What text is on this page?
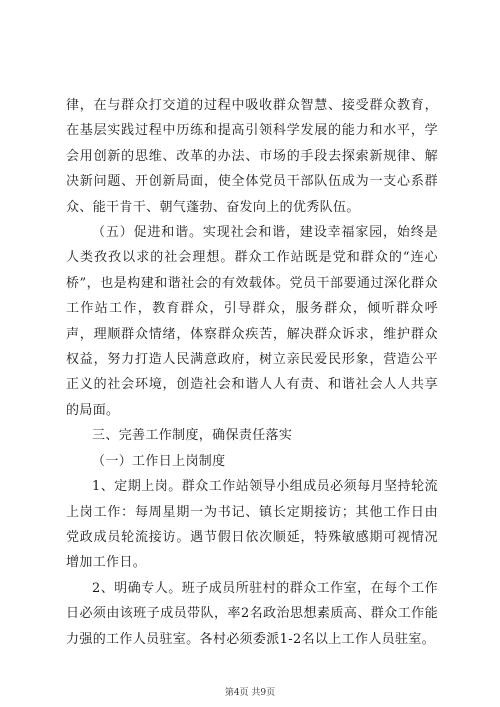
律，在与群众打交道的过程中吸收群众智慧、接受群众教育，在基层实践过程中历练和提高引领科学发展的能力和水平，学会用创新的思维、改革的办法、市场的手段去探索新规律、解决新问题、开创新局面，使全体党员干部队伍成为一支心系群众、能干肯干、朝气蓬勃、奋发向上的优秀队伍。

（五）促进和谐。实现社会和谐，建设幸福家园，始终是人类孜孜以求的社会理想。群众工作站既是党和群众的“连心桥”，也是构建和谐社会的有效载体。党员干部要通过深化群众工作站工作，教育群众，引导群众，服务群众，倾听群众呼声，理顺群众情绪，体察群众疾苦，解决群众诉求，维护群众权益，努力打造人民满意政府，树立亲民爱民形象，营造公平正义的社会环境，创造社会和谐人人有责、和谐社会人人共享的局面。

三、完善工作制度，确保责任落实

（一）工作日上岗制度

1、定期上岗。群众工作站领导小组成员必须每月坚持轮流上岗工作：每周星期一为书记、镇长定期接访；其他工作日由党政成员轮流接访。遇节假日依次顺延，特殊敏感期可视情况增加工作日。

2、明确专人。班子成员所驻村的群众工作室，在每个工作日必须由该班子成员带队，率2名政治思想素质高、群众工作能力强的工作人员驻室。各村必须委派1-2名以上工作人员驻室。

第4页 共9页
